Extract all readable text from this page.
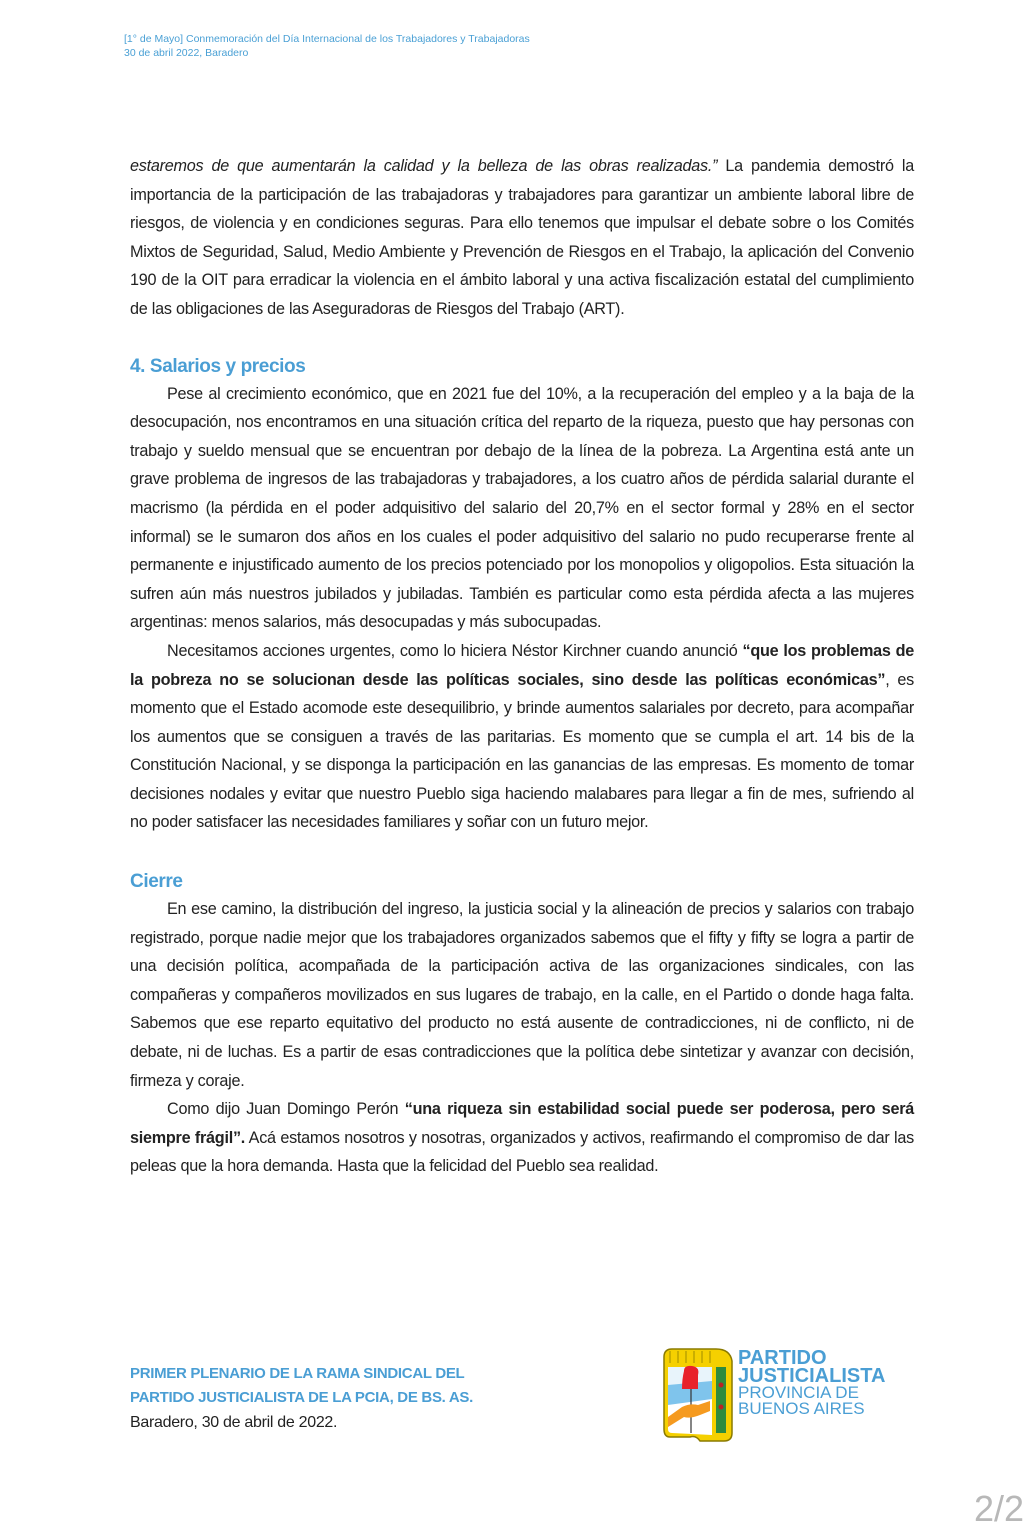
[1° de Mayo] Conmemoración del Día Internacional de los Trabajadores y Trabajadoras
30 de abril 2022, Baradero

estaremos de que aumentarán la calidad y la belleza de las obras realizadas.” La pandemia demostró la importancia de la participación de las trabajadoras y trabajadores para garantizar un ambiente laboral libre de riesgos, de violencia y en condiciones seguras. Para ello tenemos que impulsar el debate sobre o los Comités Mixtos de Seguridad, Salud, Medio Ambiente y Prevención de Riesgos en el Trabajo, la aplicación del Convenio 190 de la OIT para erradicar la violencia en el ámbito laboral y una activa fiscalización estatal del cumplimiento de las obligaciones de las Aseguradoras de Riesgos del Trabajo (ART).

4. Salarios y precios

Pese al crecimiento económico, que en 2021 fue del 10%, a la recuperación del empleo y a la baja de la desocupación, nos encontramos en una situación crítica del reparto de la riqueza, puesto que hay personas con trabajo y sueldo mensual que se encuentran por debajo de la línea de la pobreza. La Argentina está ante un grave problema de ingresos de las trabajadoras y trabajadores, a los cuatro años de pérdida salarial durante el macrismo (la pérdida en el poder adquisitivo del salario del 20,7% en el sector formal y 28% en el sector informal) se le sumaron dos años en los cuales el poder adquisitivo del salario no pudo recuperarse frente al permanente e injustificado aumento de los precios potenciado por los monopolios y oligopolios. Esta situación la sufren aún más nuestros jubilados y jubiladas. También es particular como esta pérdida afecta a las mujeres argentinas: menos salarios, más desocupadas y más subocupadas.

Necesitamos acciones urgentes, como lo hiciera Néstor Kirchner cuando anunció “que los problemas de la pobreza no se solucionan desde las políticas sociales, sino desde las políticas económicas”, es momento que el Estado acomode este desequilibrio, y brinde aumentos salariales por decreto, para acompañar los aumentos que se consiguen a través de las paritarias. Es momento que se cumpla el art. 14 bis de la Constitución Nacional, y se disponga la participación en las ganancias de las empresas. Es momento de tomar decisiones nodales y evitar que nuestro Pueblo siga haciendo malabares para llegar a fin de mes, sufriendo al no poder satisfacer las necesidades familiares y soñar con un futuro mejor.

Cierre

En ese camino, la distribución del ingreso, la justicia social y la alineación de precios y salarios con trabajo registrado, porque nadie mejor que los trabajadores organizados sabemos que el fifty y fifty se logra a partir de una decisión política, acompañada de la participación activa de las organizaciones sindicales, con las compañeras y compañeros movilizados en sus lugares de trabajo, en la calle, en el Partido o donde haga falta. Sabemos que ese reparto equitativo del producto no está ausente de contradicciones, ni de conflicto, ni de debate, ni de luchas. Es a partir de esas contradicciones que la política debe sintetizar y avanzar con decisión, firmeza y coraje.

Como dijo Juan Domingo Perón “una riqueza sin estabilidad social puede ser poderosa, pero será siempre frágil”. Acá estamos nosotros y nosotras, organizados y activos, reafirmando el compromiso de dar las peleas que la hora demanda. Hasta que la felicidad del Pueblo sea realidad.

PRIMER PLENARIO DE LA RAMA SINDICAL DEL
PARTIDO JUSTICIALISTA DE LA PCIA, DE BS. AS.
Baradero, 30 de abril de 2022.
PARTIDO
JUSTICIALISTA
PROVINCIA DE
BUENOS AIRES
2/2
